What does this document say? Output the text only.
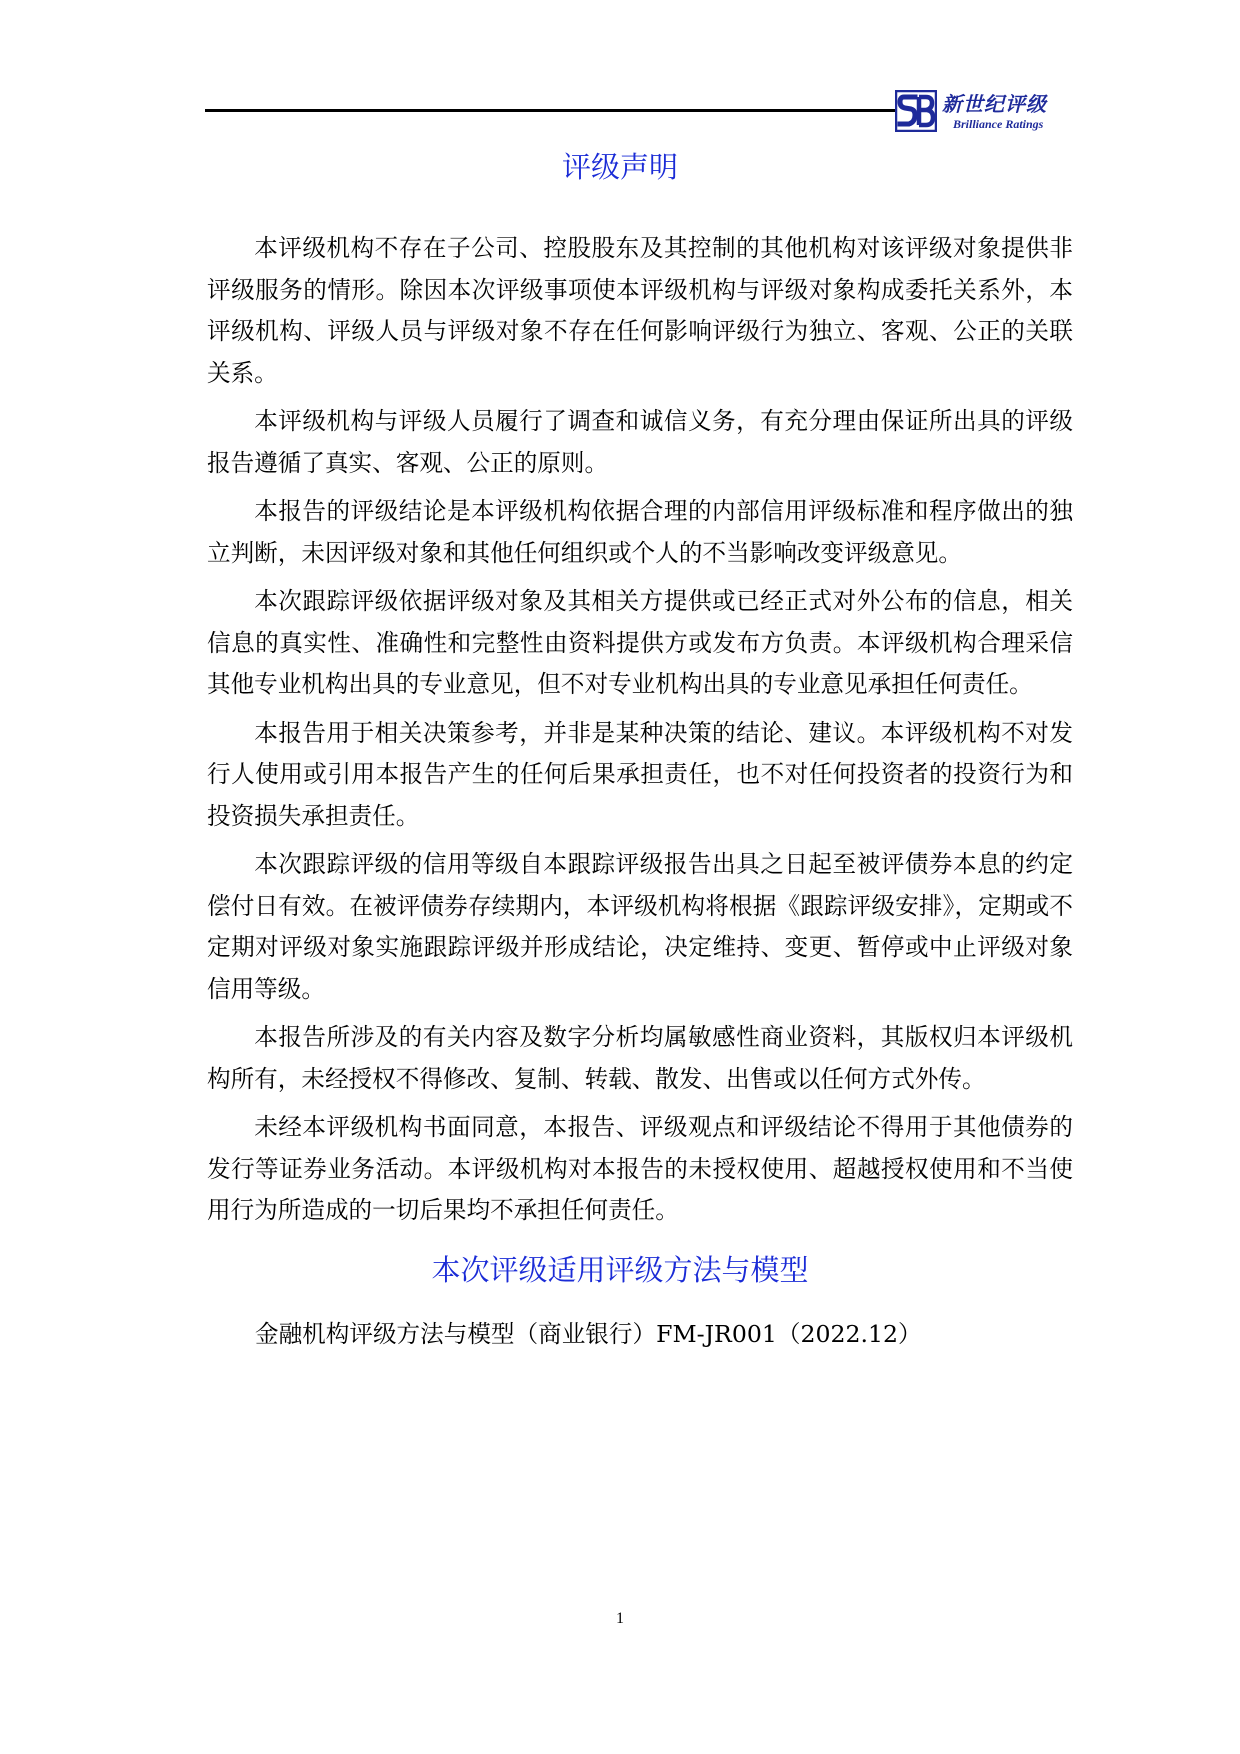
新世纪评级
Brilliance Ratings
评级声明

本评级机构不存在子公司、控股股东及其控制的其他机构对该评级对象提供非评级服务的情形。除因本次评级事项使本评级机构与评级对象构成委托关系外，本评级机构、评级人员与评级对象不存在任何影响评级行为独立、客观、公正的关联关系。

本评级机构与评级人员履行了调查和诚信义务，有充分理由保证所出具的评级报告遵循了真实、客观、公正的原则。

本报告的评级结论是本评级机构依据合理的内部信用评级标准和程序做出的独立判断，未因评级对象和其他任何组织或个人的不当影响改变评级意见。

本次跟踪评级依据评级对象及其相关方提供或已经正式对外公布的信息，相关信息的真实性、准确性和完整性由资料提供方或发布方负责。本评级机构合理采信其他专业机构出具的专业意见，但不对专业机构出具的专业意见承担任何责任。

本报告用于相关决策参考，并非是某种决策的结论、建议。本评级机构不对发行人使用或引用本报告产生的任何后果承担责任，也不对任何投资者的投资行为和投资损失承担责任。

本次跟踪评级的信用等级自本跟踪评级报告出具之日起至被评债券本息的约定偿付日有效。在被评债券存续期内，本评级机构将根据《跟踪评级安排》，定期或不定期对评级对象实施跟踪评级并形成结论，决定维持、变更、暂停或中止评级对象信用等级。

本报告所涉及的有关内容及数字分析均属敏感性商业资料，其版权归本评级机构所有，未经授权不得修改、复制、转载、散发、出售或以任何方式外传。

未经本评级机构书面同意，本报告、评级观点和评级结论不得用于其他债券的发行等证券业务活动。本评级机构对本报告的未授权使用、超越授权使用和不当使用行为所造成的一切后果均不承担任何责任。

本次评级适用评级方法与模型
金融机构评级方法与模型（商业银行）FM-JR001（2022.12）
1
